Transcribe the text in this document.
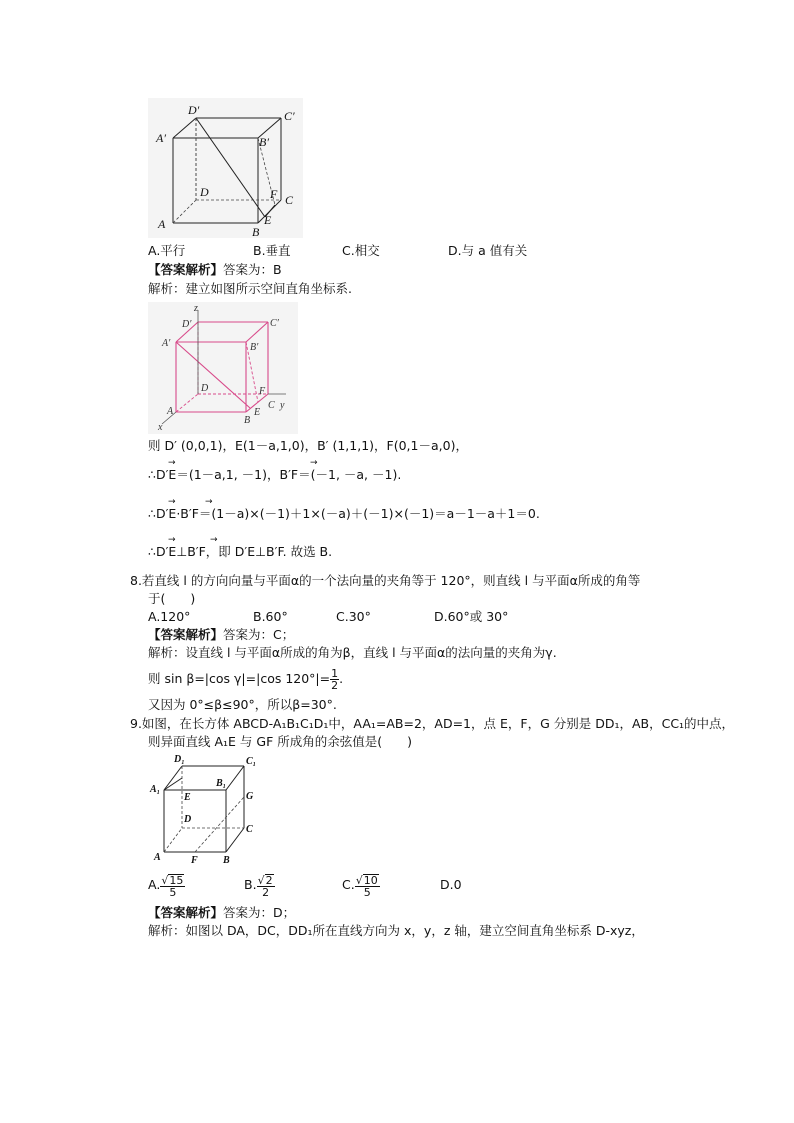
D′	C′
A′	B′
D	F C
A
B
E
A.平行	B.垂直	C.相交	D.与 a 值有关
【答案解析】答案为：B
解析：建立如图所示空间直角坐标系.
z
D′	C′
A′	B′
D	F
A
B
E
C y
x
则 D′ (0,0,1)，E(1－a,1,0)，B′ (1,1,1)，F(0,1－a,0)，
∴D′E＝(1－a,1, －1)，B′F＝(－1, －a, －1).
→	→
∴D′E·B′F＝(1－a)×(－1)＋1×(－a)＋(－1)×(－1)＝a－1－a＋1＝0.
→	→
∴D′E⊥B′F，即 D′E⊥B′F. 故选 B.
→	→
8.若直线 l 的方向向量与平面α的一个法向量的夹角等于 120°，则直线 l 与平面α所成的角等
于(　　)
A.120°	B.60°	C.30°	D.60°或 30°
【答案解析】答案为：C；
解析：设直线 l 与平面α所成的角为β，直线 l 与平面α的法向量的夹角为γ.
则 sin β=|cos γ|=|cos $120^\circ|= \frac{1}{2}$ .
又因为 0°≤β≤90°，所以β=30°.
9.如图，在长方体 ABCD-A₁B₁C₁D₁中，AA₁=AB=2，AD=1，点 E，F，G 分别是 DD₁，AB，CC₁的中点，
则异面直线 A₁E 与 GF 所成角的余弦值是(　　)
D₁	C₁
A₁
B₁
E	G
D
C
A	F	B
A. $\frac{√15}{5}$	B. $\frac{√2}{2}$	C. $\frac{√10}{5}$	D.0
【答案解析】答案为：D；
解析：如图以 DA，DC，DD₁所在直线方向为 x，y，z 轴，建立空间直角坐标系 D-xyz，
